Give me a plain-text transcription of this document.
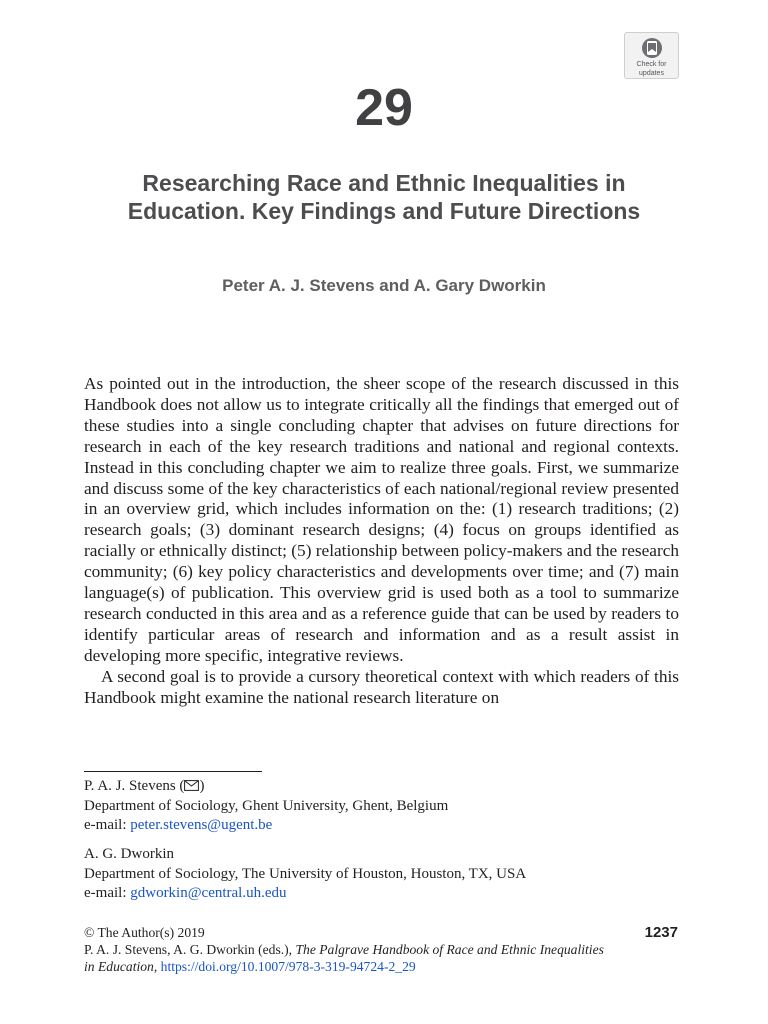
Check for
updates
29
Researching Race and Ethnic Inequalities in Education. Key Findings and Future Directions
Peter A. J. Stevens and A. Gary Dworkin

As pointed out in the introduction, the sheer scope of the research discussed in this Handbook does not allow us to integrate critically all the findings that emerged out of these studies into a single concluding chapter that advises on future directions for research in each of the key research traditions and national and regional contexts. Instead in this concluding chapter we aim to realize three goals. First, we summarize and discuss some of the key characteristics of each national/regional review presented in an overview grid, which includes information on the: (1) research traditions; (2) research goals; (3) dominant research designs; (4) focus on groups identified as racially or ethnically distinct; (5) relationship between policy-makers and the research community; (6) key policy characteristics and developments over time; and (7) main language(s) of publication. This overview grid is used both as a tool to summarize research conducted in this area and as a reference guide that can be used by readers to identify particular areas of research and information and as a result assist in developing more specific, integrative reviews.

A second goal is to provide a cursory theoretical context with which readers of this Handbook might examine the national research literature on

P. A. J. Stevens ( )
Department of Sociology, Ghent University, Ghent, Belgium
e-mail: peter.stevens@ugent.be
A. G. Dworkin
Department of Sociology, The University of Houston, Houston, TX, USA
e-mail: gdworkin@central.uh.edu
© The Author(s) 2019
P. A. J. Stevens, A. G. Dworkin (eds.), The Palgrave Handbook of Race and Ethnic Inequalities
in Education, https://doi.org/10.1007/978-3-319-94724-2_29
1237
